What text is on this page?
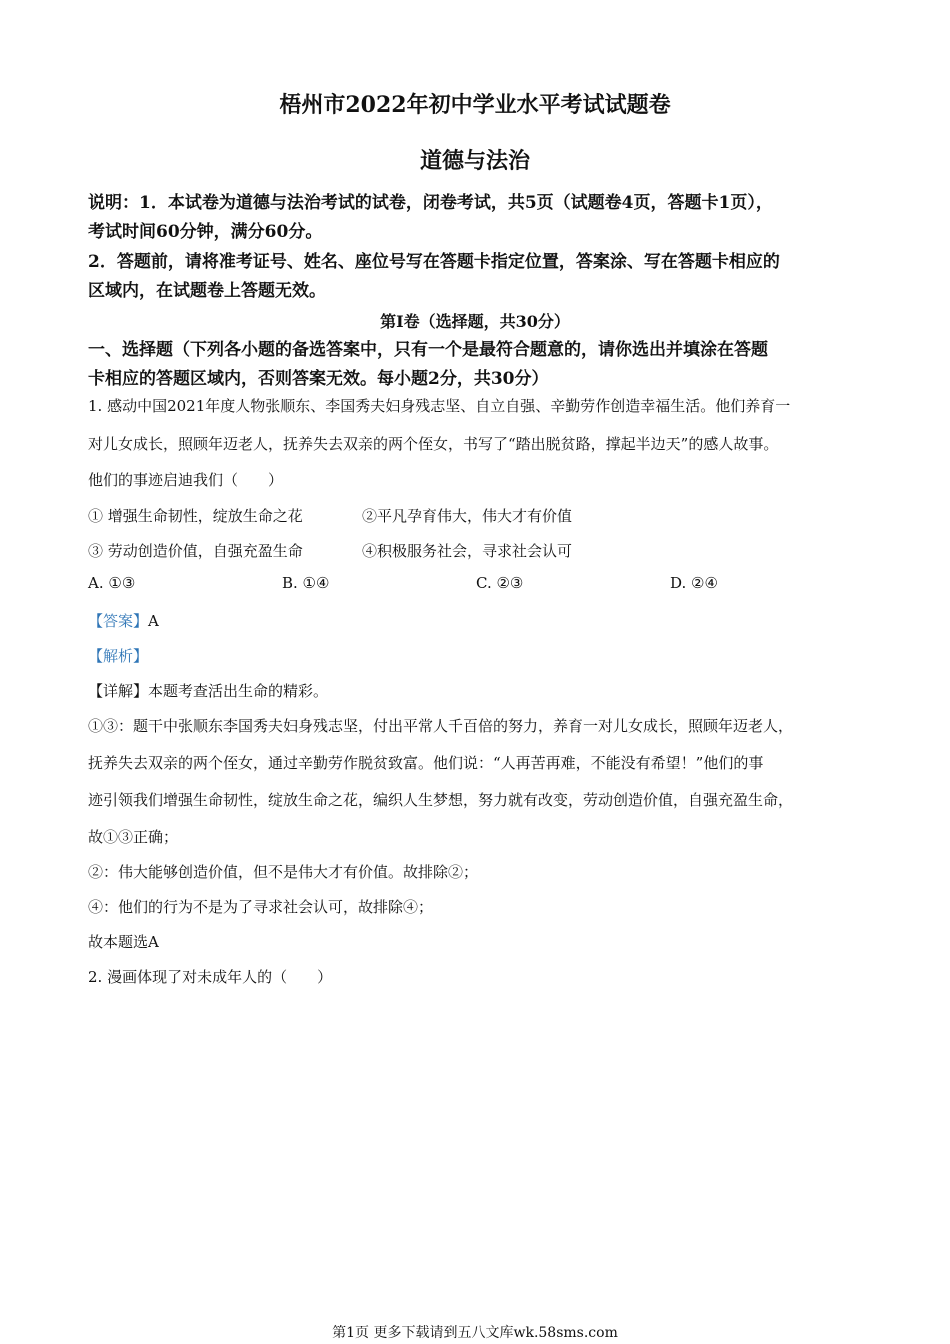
梧州市2022年初中学业水平考试试题卷
道德与法治
说明：1．本试卷为道德与法治考试的试卷，闭卷考试，共5页（试题卷4页，答题卡1页），
考试时间60分钟，满分60分。
2．答题前，请将准考证号、姓名、座位号写在答题卡指定位置，答案涂、写在答题卡相应的
区域内，在试题卷上答题无效。
第I卷（选择题，共30分）
一、选择题（下列各小题的备选答案中，只有一个是最符合题意的，请你选出并填涂在答题
卡相应的答题区域内，否则答案无效。每小题2分，共30分）
1. 感动中国2021年度人物张顺东、李国秀夫妇身残志坚、自立自强、辛勤劳作创造幸福生活。他们养育一
对儿女成长，照顾年迈老人，抚养失去双亲的两个侄女，书写了“踏出脱贫路，撑起半边天”的感人故事。
他们的事迹启迪我们（　　）
① 增强生命韧性，绽放生命之花	②平凡孕育伟大，伟大才有价值
③ 劳动创造价值，自强充盈生命	④积极服务社会，寻求社会认可
A. ①③	B. ①④	C. ②③	D. ②④
【答案】A
【解析】
【详解】本题考查活出生命的精彩。
①③：题干中张顺东李国秀夫妇身残志坚，付出平常人千百倍的努力，养育一对儿女成长，照顾年迈老人，
抚养失去双亲的两个侄女，通过辛勤劳作脱贫致富。他们说：“人再苦再难，不能没有希望！”他们的事
迹引领我们增强生命韧性，绽放生命之花，编织人生梦想，努力就有改变，劳动创造价值，自强充盈生命，
故①③正确；
②：伟大能够创造价值，但不是伟大才有价值。故排除②；
④：他们的行为不是为了寻求社会认可，故排除④；
故本题选A
2. 漫画体现了对未成年人的（　　）
第1页 更多下载请到五八文库wk.58sms.com
